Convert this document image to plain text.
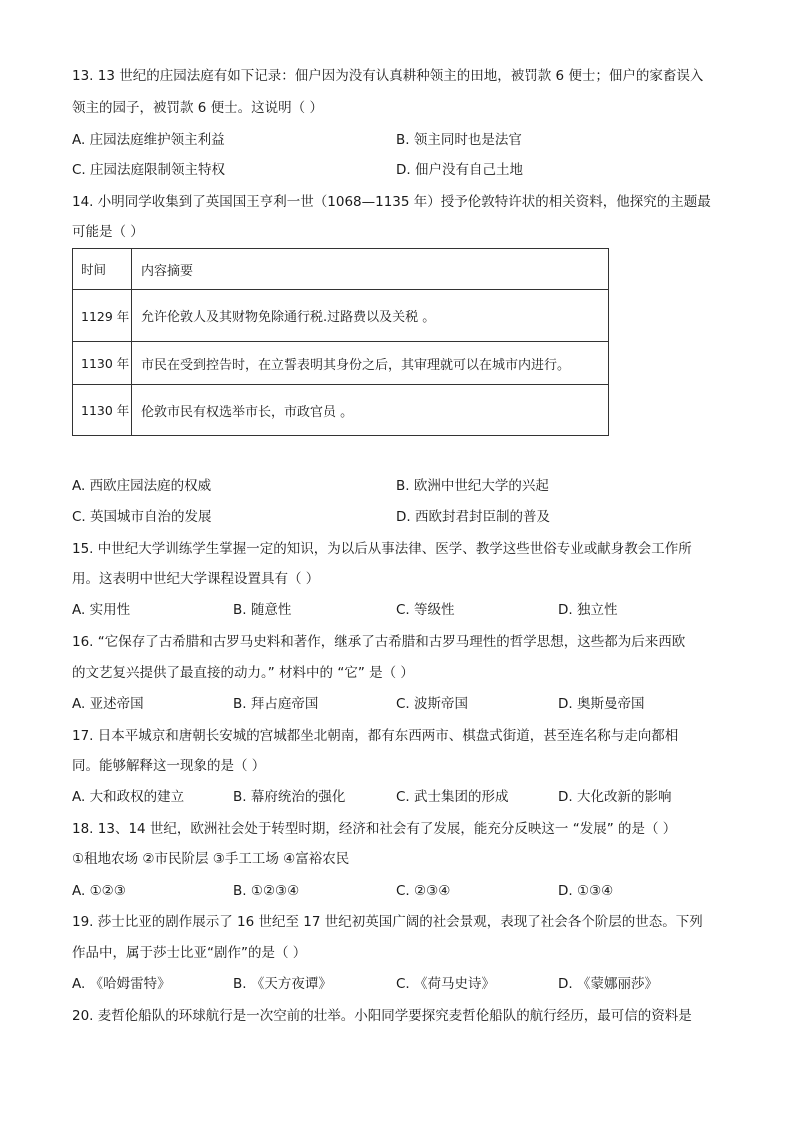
13. 13 世纪的庄园法庭有如下记录：佃户因为没有认真耕种领主的田地，被罚款 6 便士；佃户的家畜误入
领主的园子，被罚款 6 便士。这说明（ ）
A. 庄园法庭维护领主利益	B. 领主同时也是法官
C. 庄园法庭限制领主特权	D. 佃户没有自己土地
14. 小明同学收集到了英国国王亨利一世（1068—1135 年）授予伦敦特许状的相关资料，他探究的主题最
可能是（ ）
时间	内容摘要
1129 年	允许伦敦人及其财物免除通行税.过路费以及关税 。
1130 年	市民在受到控告时，在立誓表明其身份之后，其审理就可以在城市内进行。
1130 年	伦敦市民有权选举市长，市政官员 。
A. 西欧庄园法庭的权威	B. 欧洲中世纪大学的兴起
C. 英国城市自治的发展	D. 西欧封君封臣制的普及
15. 中世纪大学训练学生掌握一定的知识，为以后从事法律、医学、教学这些世俗专业或献身教会工作所
用。这表明中世纪大学课程设置具有（ ）
A. 实用性	B. 随意性	C. 等级性	D. 独立性
16. “它保存了古希腊和古罗马史料和著作，继承了古希腊和古罗马理性的哲学思想，这些都为后来西欧
的文艺复兴提供了最直接的动力。” 材料中的 “它” 是（ ）
A. 亚述帝国	B. 拜占庭帝国	C. 波斯帝国	D. 奥斯曼帝国
17. 日本平城京和唐朝长安城的宫城都坐北朝南，都有东西两市、棋盘式街道，甚至连名称与走向都相
同。能够解释这一现象的是（ ）
A. 大和政权的建立	B. 幕府统治的强化	C. 武士集团的形成	D. 大化改新的影响
18. 13、14 世纪，欧洲社会处于转型时期，经济和社会有了发展，能充分反映这一 “发展” 的是（ ）
①租地农场 ②市民阶层 ③手工工场 ④富裕农民
A. ①②③	B. ①②③④	C. ②③④	D. ①③④
19. 莎士比亚的剧作展示了 16 世纪至 17 世纪初英国广阔的社会景观，表现了社会各个阶层的世态。下列
作品中，属于莎士比亚“剧作”的是（ ）
A. 《哈姆雷特》	B. 《天方夜谭》	C. 《荷马史诗》	D. 《蒙娜丽莎》
20. 麦哲伦船队的环球航行是一次空前的壮举。小阳同学要探究麦哲伦船队的航行经历，最可信的资料是
